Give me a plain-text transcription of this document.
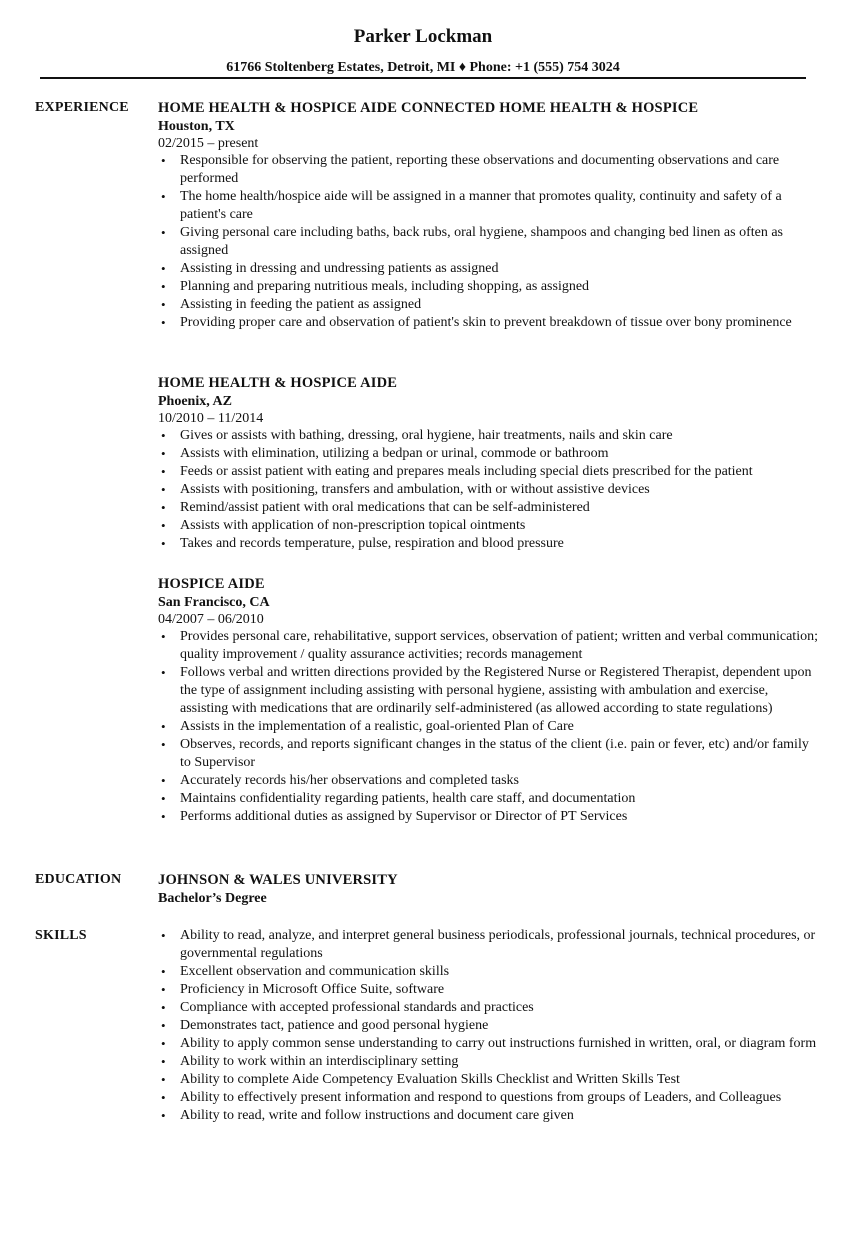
Parker Lockman
61766 Stoltenberg Estates, Detroit, MI ♦ Phone: +1 (555) 754 3024
EXPERIENCE HOME HEALTH & HOSPICE AIDE CONNECTED HOME HEALTH & HOSPICE
Houston, TX
02/2015 – present
• Responsible for observing the patient, reporting these observations and documenting observations and care performed
• The home health/hospice aide will be assigned in a manner that promotes quality, continuity and safety of a patient's care
• Giving personal care including baths, back rubs, oral hygiene, shampoos and changing bed linen as often as assigned
• Assisting in dressing and undressing patients as assigned
• Planning and preparing nutritious meals, including shopping, as assigned
• Assisting in feeding the patient as assigned
• Providing proper care and observation of patient's skin to prevent breakdown of tissue over bony prominence
HOME HEALTH & HOSPICE AIDE
Phoenix, AZ
10/2010 – 11/2014
• Gives or assists with bathing, dressing, oral hygiene, hair treatments, nails and skin care
• Assists with elimination, utilizing a bedpan or urinal, commode or bathroom
• Feeds or assist patient with eating and prepares meals including special diets prescribed for the patient
• Assists with positioning, transfers and ambulation, with or without assistive devices
• Remind/assist patient with oral medications that can be self-administered
• Assists with application of non-prescription topical ointments
• Takes and records temperature, pulse, respiration and blood pressure
HOSPICE AIDE
San Francisco, CA
04/2007 – 06/2010
• Provides personal care, rehabilitative, support services, observation of patient; written and verbal communication; quality improvement / quality assurance activities; records management
• Follows verbal and written directions provided by the Registered Nurse or Registered Therapist, dependent upon the type of assignment including assisting with personal hygiene, assisting with ambulation and exercise, assisting with medications that are ordinarily self-administered (as allowed according to state regulations)
• Assists in the implementation of a realistic, goal-oriented Plan of Care
• Observes, records, and reports significant changes in the status of the client (i.e. pain or fever, etc) and/or family to Supervisor
• Accurately records his/her observations and completed tasks
• Maintains confidentiality regarding patients, health care staff, and documentation
• Performs additional duties as assigned by Supervisor or Director of PT Services
EDUCATION	JOHNSON & WALES UNIVERSITY
Bachelor’s Degree
SKILLS
•	Ability to read, analyze, and interpret general business periodicals, professional journals, technical procedures, or governmental regulations
• Excellent observation and communication skills
• Proficiency in Microsoft Office Suite, software
• Compliance with accepted professional standards and practices
• Demonstrates tact, patience and good personal hygiene
• Ability to apply common sense understanding to carry out instructions furnished in written, oral, or diagram form
• Ability to work within an interdisciplinary setting
• Ability to complete Aide Competency Evaluation Skills Checklist and Written Skills Test
• Ability to effectively present information and respond to questions from groups of Leaders, and Colleagues
• Ability to read, write and follow instructions and document care given
